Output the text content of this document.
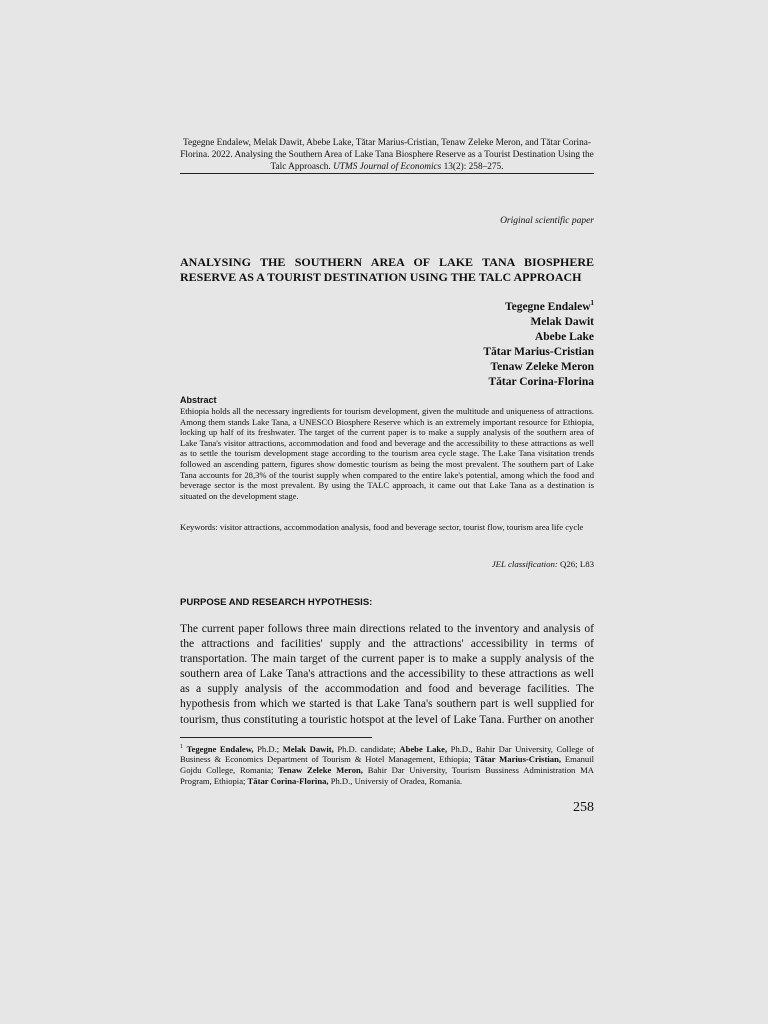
Tegegne Endalew, Melak Dawit, Abebe Lake, Tătar Marius-Cristian, Tenaw Zeleke Meron, and Tătar Corina-Florina. 2022. Analysing the Southern Area of Lake Tana Biosphere Reserve as a Tourist Destination Using the Talc Approasch. UTMS Journal of Economics 13(2): 258–275.
Original scientific paper
ANALYSING THE SOUTHERN AREA OF LAKE TANA BIOSPHERE RESERVE AS A TOURIST DESTINATION USING THE TALC APPROACH
Tegegne Endalew$^1$
Melak Dawit
Abebe Lake
Tătar Marius-Cristian
Tenaw Zeleke Meron
Tătar Corina-Florina
Abstract
Ethiopia holds all the necessary ingredients for tourism development, given the multitude and uniqueness of attractions. Among them stands Lake Tana, a UNESCO Biosphere Reserve which is an extremely important resource for Ethiopia, locking up half of its freshwater. The target of the current paper is to make a supply analysis of the southern area of Lake Tana's visitor attractions, accommodation and food and beverage and the accessibility to these attractions as well as to settle the tourism development stage according to the tourism area cycle stage. The Lake Tana visitation trends followed an ascending pattern, figures show domestic tourism as being the most prevalent. The southern part of Lake Tana accounts for 28,3% of the tourist supply when compared to the entire lake's potential, among which the food and beverage sector is the most prevalent. By using the TALC approach, it came out that Lake Tana as a destination is situated on the development stage.
Keywords: visitor attractions, accommodation analysis, food and beverage sector, tourist flow, tourism area life cycle
JEL classification: Q26; L83
PURPOSE AND RESEARCH HYPOTHESIS:
The current paper follows three main directions related to the inventory and analysis of the attractions and facilities' supply and the attractions' accessibility in terms of transportation. The main target of the current paper is to make a supply analysis of the southern area of Lake Tana's attractions and the accessibility to these attractions as well as a supply analysis of the accommodation and food and beverage facilities. The hypothesis from which we started is that Lake Tana's southern part is well supplied for tourism, thus constituting a touristic hotspot at the level of Lake Tana. Further on another
$^1$ Tegegne Endalew, Ph.D.; Melak Dawit, Ph.D. candidate; Abebe Lake, Ph.D., Bahir Dar University, College of Business & Economics Department of Tourism & Hotel Management, Ethiopia; Tătar Marius-Cristian, Emanuil Gojdu College, Romania; Tenaw Zeleke Meron, Bahir Dar University, Tourism Bussiness Administration MA Program, Ethiopia; Tătar Corina-Florina, Ph.D., Universiy of Oradea, Romania.
258
